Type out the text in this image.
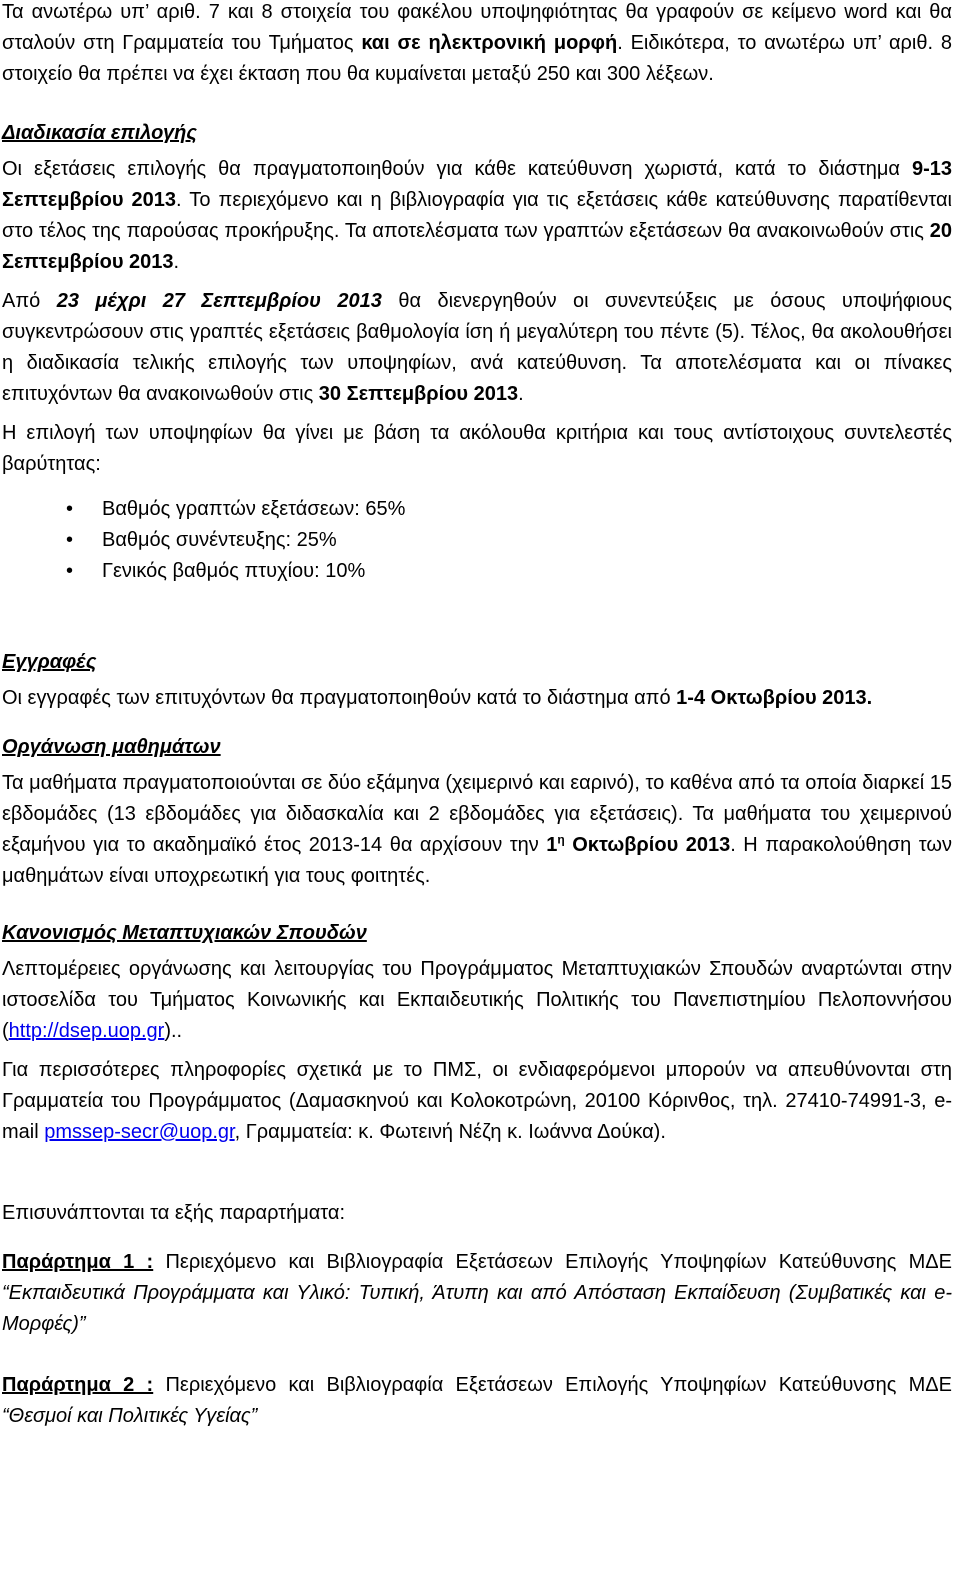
Τα ανωτέρω υπ’ αριθ. 7 και 8 στοιχεία του φακέλου υποψηφιότητας θα γραφούν σε κείμενο word και θα σταλούν στη Γραμματεία του Τμήματος και σε ηλεκτρονική μορφή. Ειδικότερα, το ανωτέρω υπ’ αριθ. 8 στοιχείο θα πρέπει να έχει έκταση που θα κυμαίνεται μεταξύ 250 και 300 λέξεων.

Διαδικασία επιλογής

Οι εξετάσεις επιλογής θα πραγματοποιηθούν για κάθε κατεύθυνση χωριστά, κατά το διάστημα 9-13 Σεπτεμβρίου 2013. Το περιεχόμενο και η βιβλιογραφία για τις εξετάσεις κάθε κατεύθυνσης παρατίθενται στο τέλος της παρούσας προκήρυξης. Τα αποτελέσματα των γραπτών εξετάσεων θα ανακοινωθούν στις 20 Σεπτεμβρίου 2013.

Από 23 μέχρι 27 Σεπτεμβρίου 2013 θα διενεργηθούν οι συνεντεύξεις με όσους υποψήφιους συγκεντρώσουν στις γραπτές εξετάσεις βαθμολογία ίση ή μεγαλύτερη του πέντε (5). Τέλος, θα ακολουθήσει η διαδικασία τελικής επιλογής των υποψηφίων, ανά κατεύθυνση. Τα αποτελέσματα και οι πίνακες επιτυχόντων θα ανακοινωθούν στις 30 Σεπτεμβρίου 2013.

Η επιλογή των υποψηφίων θα γίνει με βάση τα ακόλουθα κριτήρια και τους αντίστοιχους συντελεστές βαρύτητας:

• Βαθμός γραπτών εξετάσεων: 65%
• Βαθμός συνέντευξης: 25%
• Γενικός βαθμός πτυχίου: 10%

Εγγραφές

Οι εγγραφές των επιτυχόντων θα πραγματοποιηθούν κατά το διάστημα από 1-4 Οκτωβρίου 2013.

Οργάνωση μαθημάτων

Τα μαθήματα πραγματοποιούνται σε δύο εξάμηνα (χειμερινό και εαρινό), το καθένα από τα οποία διαρκεί 15 εβδομάδες (13 εβδομάδες για διδασκαλία και 2 εβδομάδες για εξετάσεις). Τα μαθήματα του χειμερινού εξαμήνου για το ακαδημαϊκό έτος 2013-14 θα αρχίσουν την $1^\eta$ Οκτωβρίου 2013. Η παρακολούθηση των μαθημάτων είναι υποχρεωτική για τους φοιτητές.

Κανονισμός Μεταπτυχιακών Σπουδών

Λεπτομέρειες οργάνωσης και λειτουργίας του Προγράμματος Μεταπτυχιακών Σπουδών αναρτώνται στην ιστοσελίδα του Τμήματος Κοινωνικής και Εκπαιδευτικής Πολιτικής του Πανεπιστημίου Πελοποννήσου (http://dsep.uop.gr)..

Για περισσότερες πληροφορίες σχετικά με το ΠΜΣ, οι ενδιαφερόμενοι μπορούν να απευθύνονται στη Γραμματεία του Προγράμματος (Δαμασκηνού και Κολοκοτρώνη, 20100 Κόρινθος, τηλ. 27410-74991-3, e-mail pmssep-secr@uop.gr, Γραμματεία: κ. Φωτεινή Νέζη κ. Ιωάννα Δούκα).

Επισυνάπτονται τα εξής παραρτήματα:

Παράρτημα 1 : Περιεχόμενο και Βιβλιογραφία Εξετάσεων Επιλογής Υποψηφίων Κατεύθυνσης ΜΔΕ “Εκπαιδευτικά Προγράμματα και Υλικό: Τυπική, Άτυπη και από Απόσταση Εκπαίδευση (Συμβατικές και e-Μορφές)”

Παράρτημα 2 : Περιεχόμενο και Βιβλιογραφία Εξετάσεων Επιλογής Υποψηφίων Κατεύθυνσης ΜΔΕ “Θεσμοί και Πολιτικές Υγείας”
